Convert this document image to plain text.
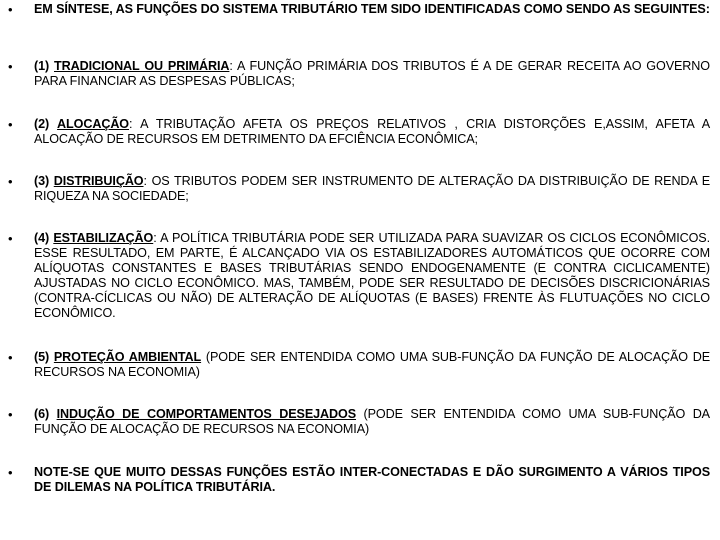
• EM SÍNTESE, AS FUNÇÕES DO SISTEMA TRIBUTÁRIO TEM SIDO IDENTIFICADAS COMO SENDO AS SEGUINTES:
• (1) TRADICIONAL OU PRIMÁRIA: A FUNÇÃO PRIMÁRIA DOS TRIBUTOS É A DE GERAR RECEITA AO GOVERNO PARA FINANCIAR AS DESPESAS PÚBLICAS;
• (2) ALOCAÇÃO: A TRIBUTAÇÃO AFETA OS PREÇOS RELATIVOS , CRIA DISTORÇÕES E,ASSIM, AFETA A ALOCAÇÃO DE RECURSOS EM DETRIMENTO DA EFCIÊNCIA ECONÔMICA;
• (3) DISTRIBUIÇÃO: OS TRIBUTOS PODEM SER INSTRUMENTO DE ALTERAÇÃO DA DISTRIBUIÇÃO DE RENDA E RIQUEZA NA SOCIEDADE;
• (4) ESTABILIZAÇÃO: A POLÍTICA TRIBUTÁRIA PODE SER UTILIZADA PARA SUAVIZAR OS CICLOS ECONÔMICOS. ESSE RESULTADO, EM PARTE, É ALCANÇADO VIA OS ESTABILIZADORES AUTOMÁTICOS QUE OCORRE COM ALÍQUOTAS CONSTANTES E BASES TRIBUTÁRIAS SENDO ENDOGENAMENTE (E CONTRA CICLICAMENTE) AJUSTADAS NO CICLO ECONÔMICO. MAS, TAMBÉM, PODE SER RESULTADO DE DECISÕES DISCRICIONÁRIAS (CONTRA-CÍCLICAS OU NÃO) DE ALTERAÇÃO DE ALÍQUOTAS (E BASES) FRENTE ÀS FLUTUAÇÕES NO CICLO ECONÔMICO.
• (5) PROTEÇÃO AMBIENTAL (PODE SER ENTENDIDA COMO UMA SUB-FUNÇÃO DA FUNÇÃO DE ALOCAÇÃO DE RECURSOS NA ECONOMIA)
• (6) INDUÇÃO DE COMPORTAMENTOS DESEJADOS (PODE SER ENTENDIDA COMO UMA SUB-FUNÇÃO DA FUNÇÃO DE ALOCAÇÃO DE RECURSOS NA ECONOMIA)
• NOTE-SE QUE MUITO DESSAS FUNÇÕES ESTÃO INTER-CONECTADAS E DÃO SURGIMENTO A VÁRIOS TIPOS DE DILEMAS NA POLÍTICA TRIBUTÁRIA.
